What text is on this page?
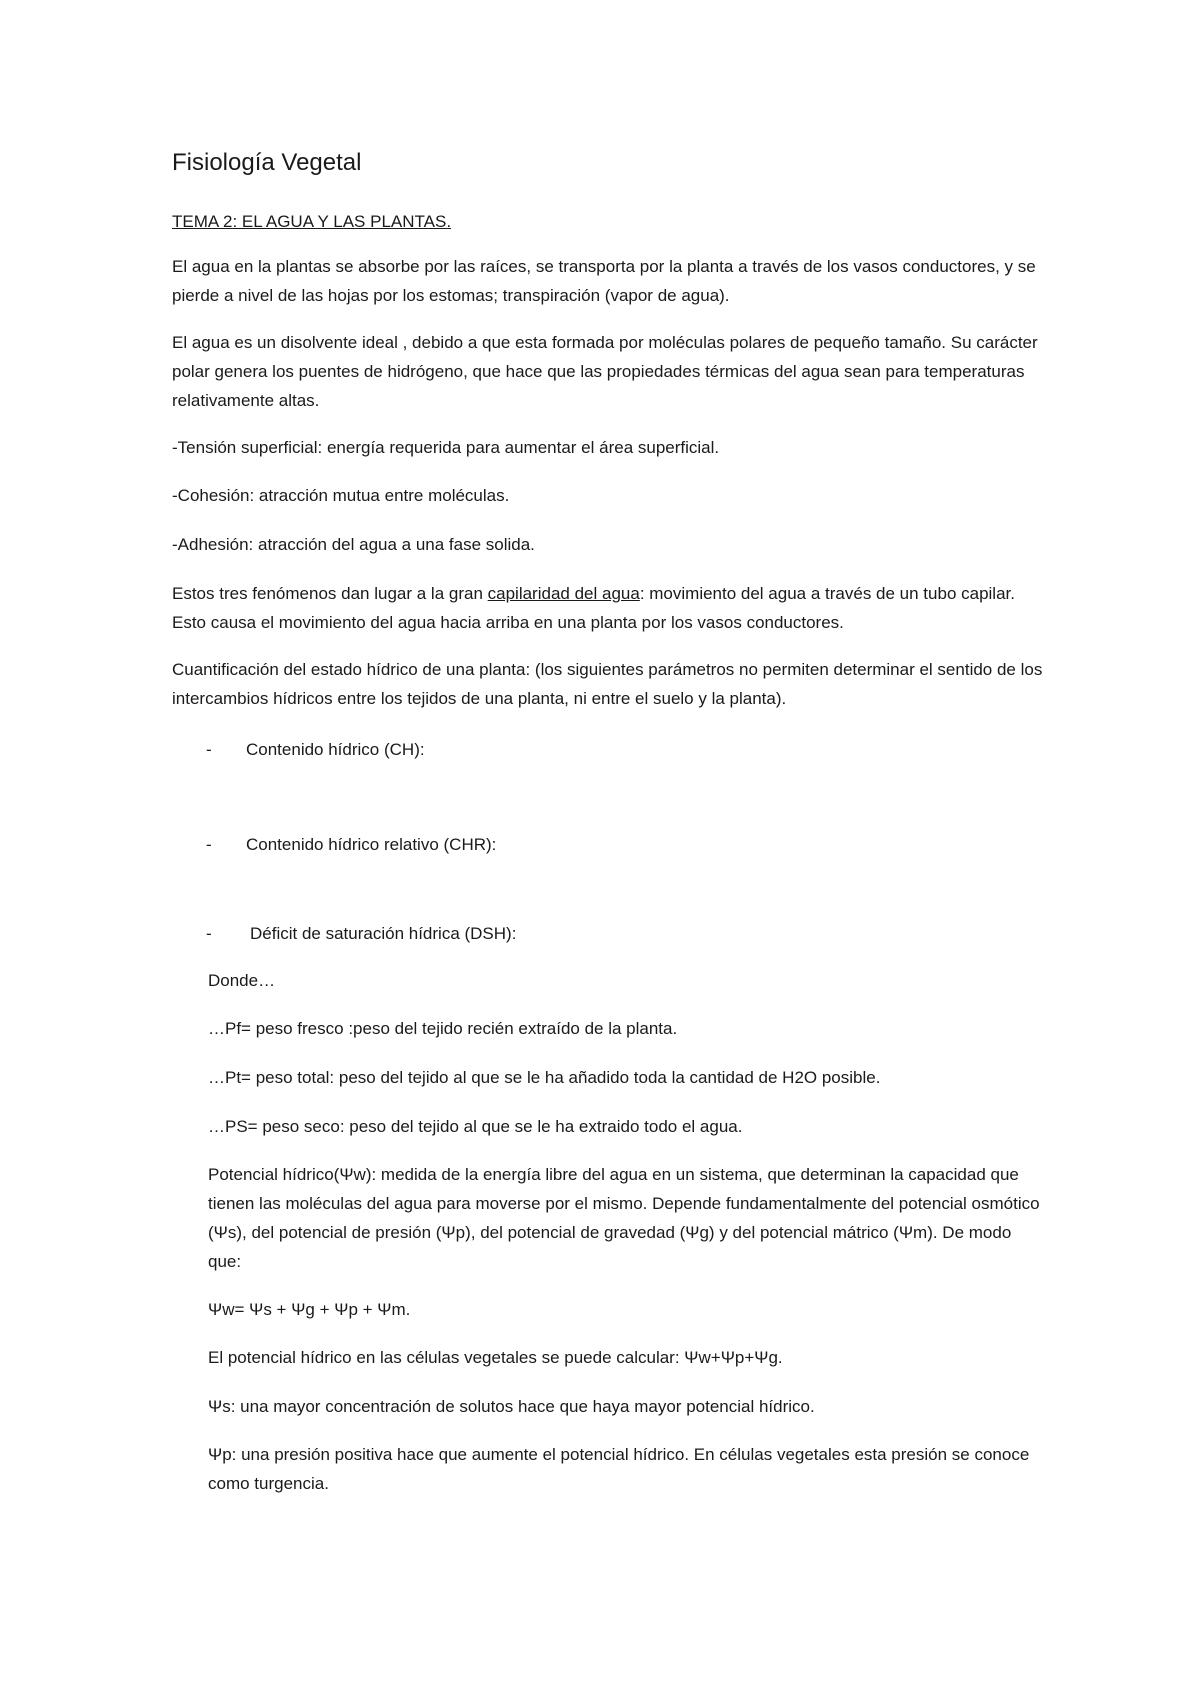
Fisiología Vegetal

TEMA 2: EL AGUA Y LAS PLANTAS.

El agua en la plantas se absorbe por las raíces, se transporta por la planta a través de los vasos conductores, y se pierde a nivel de las hojas por los estomas; transpiración (vapor de agua).

El agua es un disolvente ideal , debido a que esta formada por moléculas polares de pequeño tamaño. Su carácter polar genera los puentes de hidrógeno, que hace que las propiedades térmicas del agua sean para temperaturas relativamente altas.

-Tensión superficial: energía requerida para aumentar el área superficial.

-Cohesión: atracción mutua entre moléculas.

-Adhesión: atracción del agua a una fase solida.

Estos tres fenómenos dan lugar a la gran capilaridad del agua: movimiento del agua a través de un tubo capilar. Esto causa el movimiento del agua hacia arriba en una planta por los vasos conductores.

Cuantificación del estado hídrico de una planta: (los siguientes parámetros no permiten determinar el sentido de los intercambios hídricos entre los tejidos de una planta, ni entre el suelo y la planta).

- Contenido hídrico (CH):
- Contenido hídrico relativo (CHR):
- Déficit de saturación hídrica (DSH):

Donde…

…Pf= peso fresco :peso del tejido recién extraído de la planta.

…Pt= peso total: peso del tejido al que se le ha añadido toda la cantidad de H2O posible.

…PS= peso seco: peso del tejido al que se le ha extraido todo el agua.

Potencial hídrico(Ψw): medida de la energía libre del agua en un sistema, que determinan la capacidad que tienen las moléculas del agua para moverse por el mismo. Depende fundamentalmente del potencial osmótico (Ψs), del potencial de presión (Ψp), del potencial de gravedad (Ψg) y del potencial mátrico (Ψm). De modo que:

Ψw= Ψs + Ψg + Ψp + Ψm.

El potencial hídrico en las células vegetales se puede calcular: Ψw+Ψp+Ψg.

Ψs: una mayor concentración de solutos hace que haya mayor potencial hídrico.

Ψp: una presión positiva hace que aumente el potencial hídrico. En células vegetales esta presión se conoce como turgencia.
